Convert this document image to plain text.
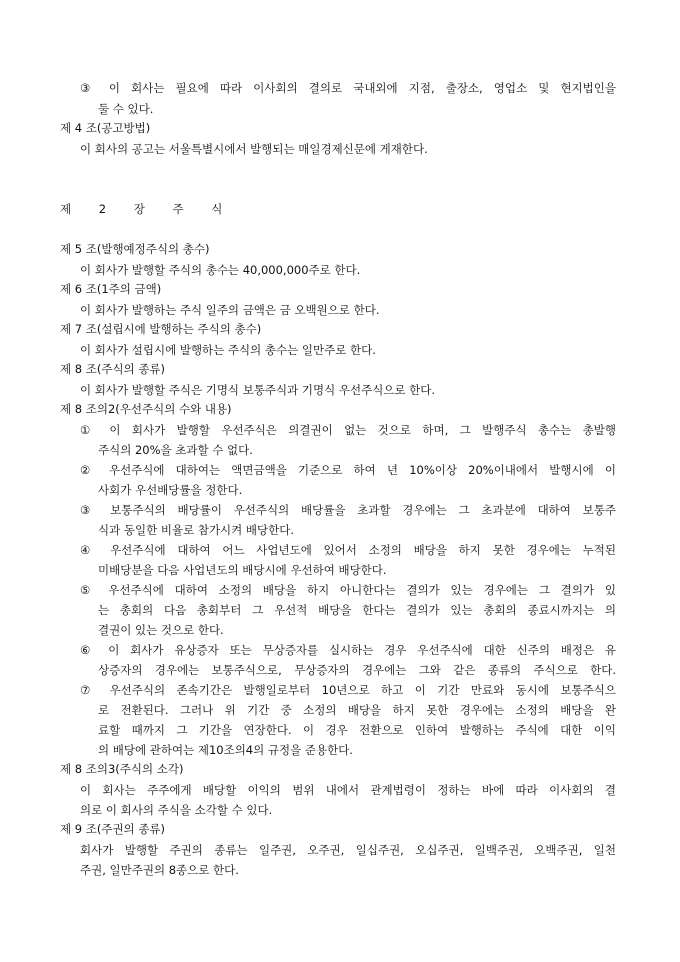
③ 이 회사는 필요에 따라 이사회의 결의로 국내외에 지점, 출장소, 영업소 및 현지법인을
둘 수 있다.
제 4 조(공고방법)
이 회사의 공고는 서울특별시에서 발행되는 매일경제신문에 게재한다.
제 2 장 주 식
제 5 조(발행예정주식의 총수)
이 회사가 발행할 주식의 총수는 40,000,000주로 한다.
제 6 조(1주의 금액)
이 회사가 발행하는 주식 일주의 금액은 금 오백원으로 한다.
제 7 조(설립시에 발행하는 주식의 총수)
이 회사가 설립시에 발행하는 주식의 총수는 일만주로 한다.
제 8 조(주식의 종류)
이 회사가 발행할 주식은 기명식 보통주식과 기명식 우선주식으로 한다.
제 8 조의2(우선주식의 수와 내용)
① 이 회사가 발행할 우선주식은 의결권이 없는 것으로 하며, 그 발행주식 총수는 총발행
주식의 20%을 초과할 수 없다.
② 우선주식에 대하여는 액면금액을 기준으로 하여 년 10%이상 20%이내에서 발행시에 이
사회가 우선배당률을 정한다.
③ 보통주식의 배당률이 우선주식의 배당률을 초과할 경우에는 그 초과분에 대하여 보통주
식과 동일한 비율로 참가시켜 배당한다.
④ 우선주식에 대하여 어느 사업년도에 있어서 소정의 배당을 하지 못한 경우에는 누적된
미배당분을 다음 사업년도의 배당시에 우선하여 배당한다.
⑤ 우선주식에 대하여 소정의 배당을 하지 아니한다는 결의가 있는 경우에는 그 결의가 있
는 총회의 다음 총회부터 그 우선적 배당을 한다는 결의가 있는 총회의 종료시까지는 의
결권이 있는 것으로 한다.
⑥ 이 회사가 유상증자 또는 무상증자를 실시하는 경우 우선주식에 대한 신주의 배정은 유
상증자의 경우에는 보통주식으로, 무상증자의 경우에는 그와 같은 종류의 주식으로 한다.
⑦ 우선주식의 존속기간은 발행일로부터 10년으로 하고 이 기간 만료와 동시에 보통주식으
로 전환된다. 그러나 위 기간 중 소정의 배당을 하지 못한 경우에는 소정의 배당을 완
료할 때까지 그 기간을 연장한다. 이 경우 전환으로 인하여 발행하는 주식에 대한 이익
의 배당에 관하여는 제10조의4의 규정을 준용한다.
제 8 조의3(주식의 소각)
이 회사는 주주에게 배당할 이익의 범위 내에서 관계법령이 정하는 바에 따라 이사회의 결
의로 이 회사의 주식을 소각할 수 있다.
제 9 조(주권의 종류)
회사가 발행할 주권의 종류는 일주권, 오주권, 일십주권, 오십주권, 일백주권, 오백주권, 일천
주권, 일만주권의 8종으로 한다.
